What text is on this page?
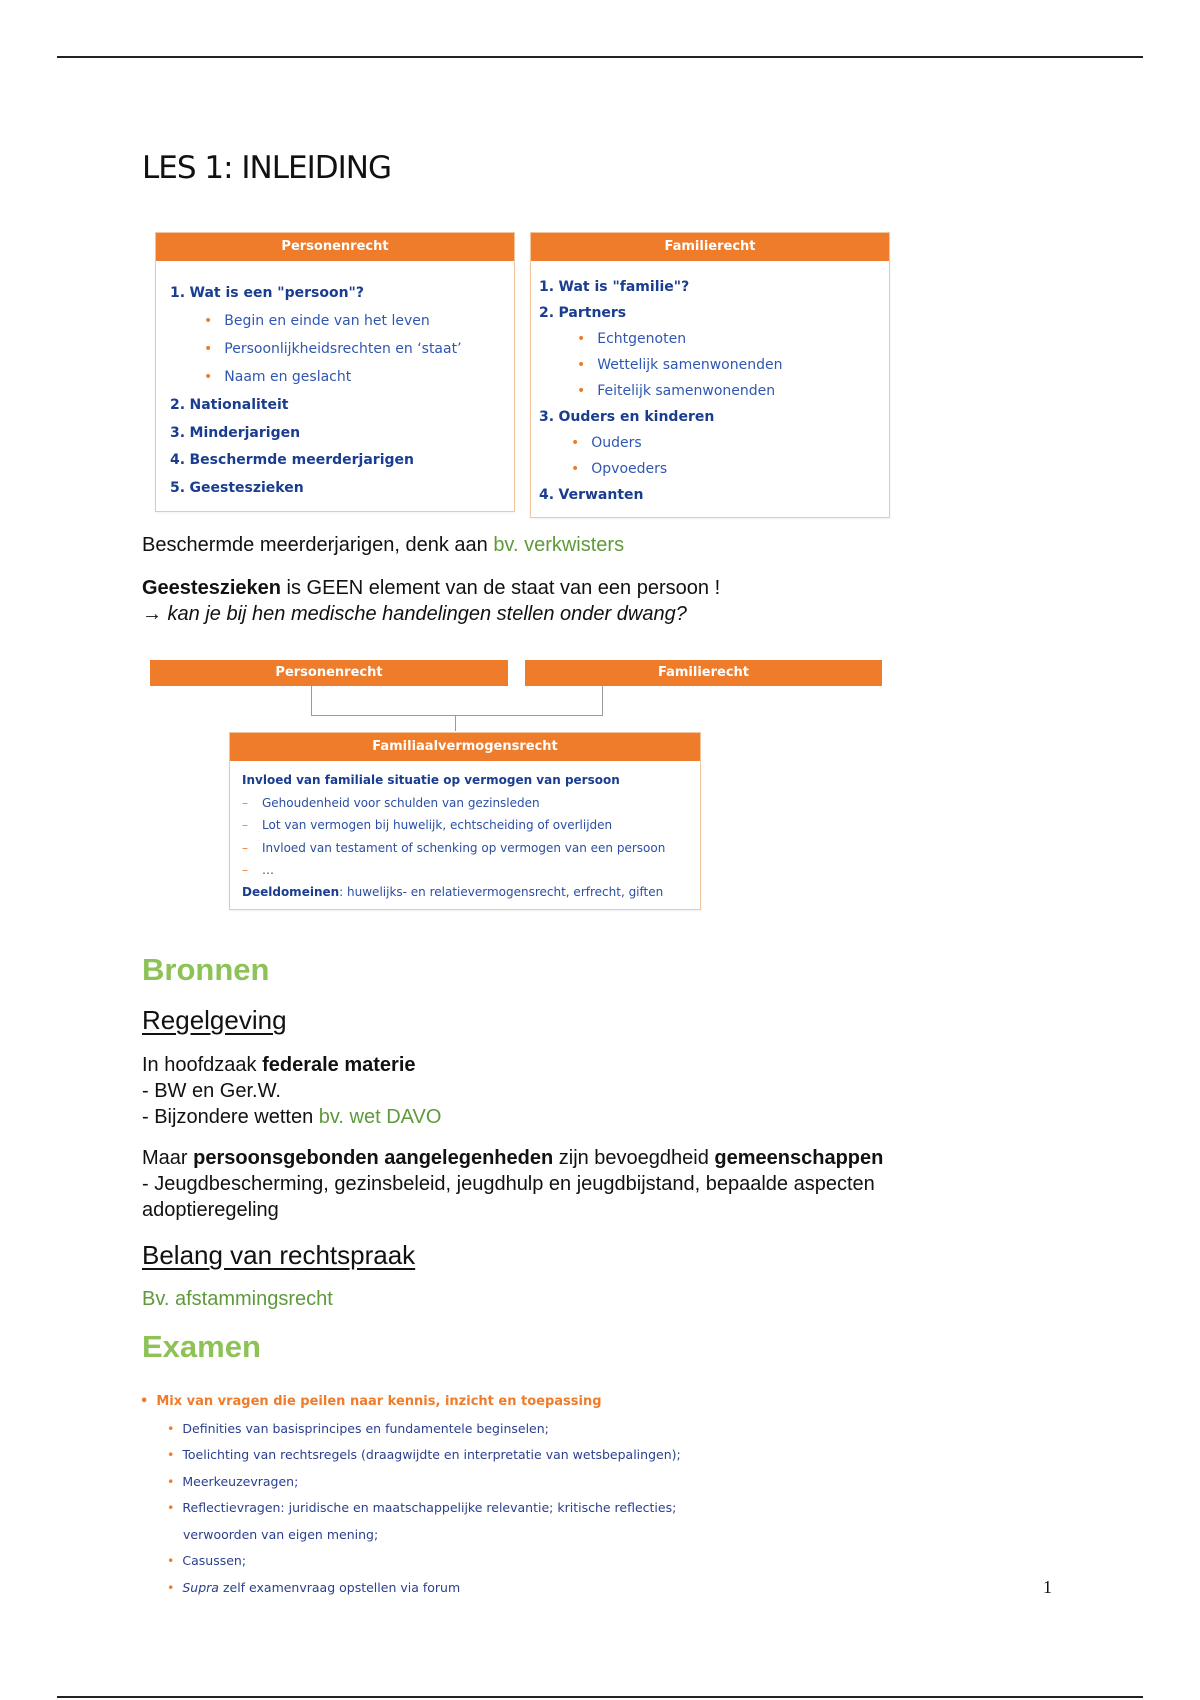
LES 1: INLEIDING
Personenrecht
1. Wat is een "persoon"?
• Begin en einde van het leven
• Persoonlijkheidsrechten en ‘staat’
• Naam en geslacht
2. Nationaliteit
3. Minderjarigen
4. Beschermde meerderjarigen
5. Geesteszieken
Familierecht
1. Wat is "familie"?
2. Partners
• Echtgenoten
• Wettelijk samenwonenden
• Feitelijk samenwonenden
3. Ouders en kinderen
• Ouders
• Opvoeders
4. Verwanten
Beschermde meerderjarigen, denk aan bv. verkwisters
Geesteszieken is GEEN element van de staat van een persoon !
→ kan je bij hen medische handelingen stellen onder dwang?
Personenrecht	Familierecht
Familiaalvermogensrecht
Invloed van familiale situatie op vermogen van persoon
– Gehoudenheid voor schulden van gezinsleden
– Lot van vermogen bij huwelijk, echtscheiding of overlijden
– Invloed van testament of schenking op vermogen van een persoon
– …
Deeldomeinen: huwelijks- en relatievermogensrecht, erfrecht, giften
Bronnen
Regelgeving
In hoofdzaak federale materie
- BW en Ger.W.
- Bijzondere wetten bv. wet DAVO
Maar persoonsgebonden aangelegenheden zijn bevoegdheid gemeenschappen
- Jeugdbescherming, gezinsbeleid, jeugdhulp en jeugdbijstand, bepaalde aspecten
adoptieregeling
Belang van rechtspraak
Bv. afstammingsrecht
Examen
• Mix van vragen die peilen naar kennis, inzicht en toepassing
• Definities van basisprincipes en fundamentele beginselen;
• Toelichting van rechtsregels (draagwijdte en interpretatie van wetsbepalingen);
• Meerkeuzevragen;
• Reflectievragen: juridische en maatschappelijke relevantie; kritische reflecties;
verwoorden van eigen mening;
• Casussen;
• Supra zelf examenvraag opstellen via forum	1
